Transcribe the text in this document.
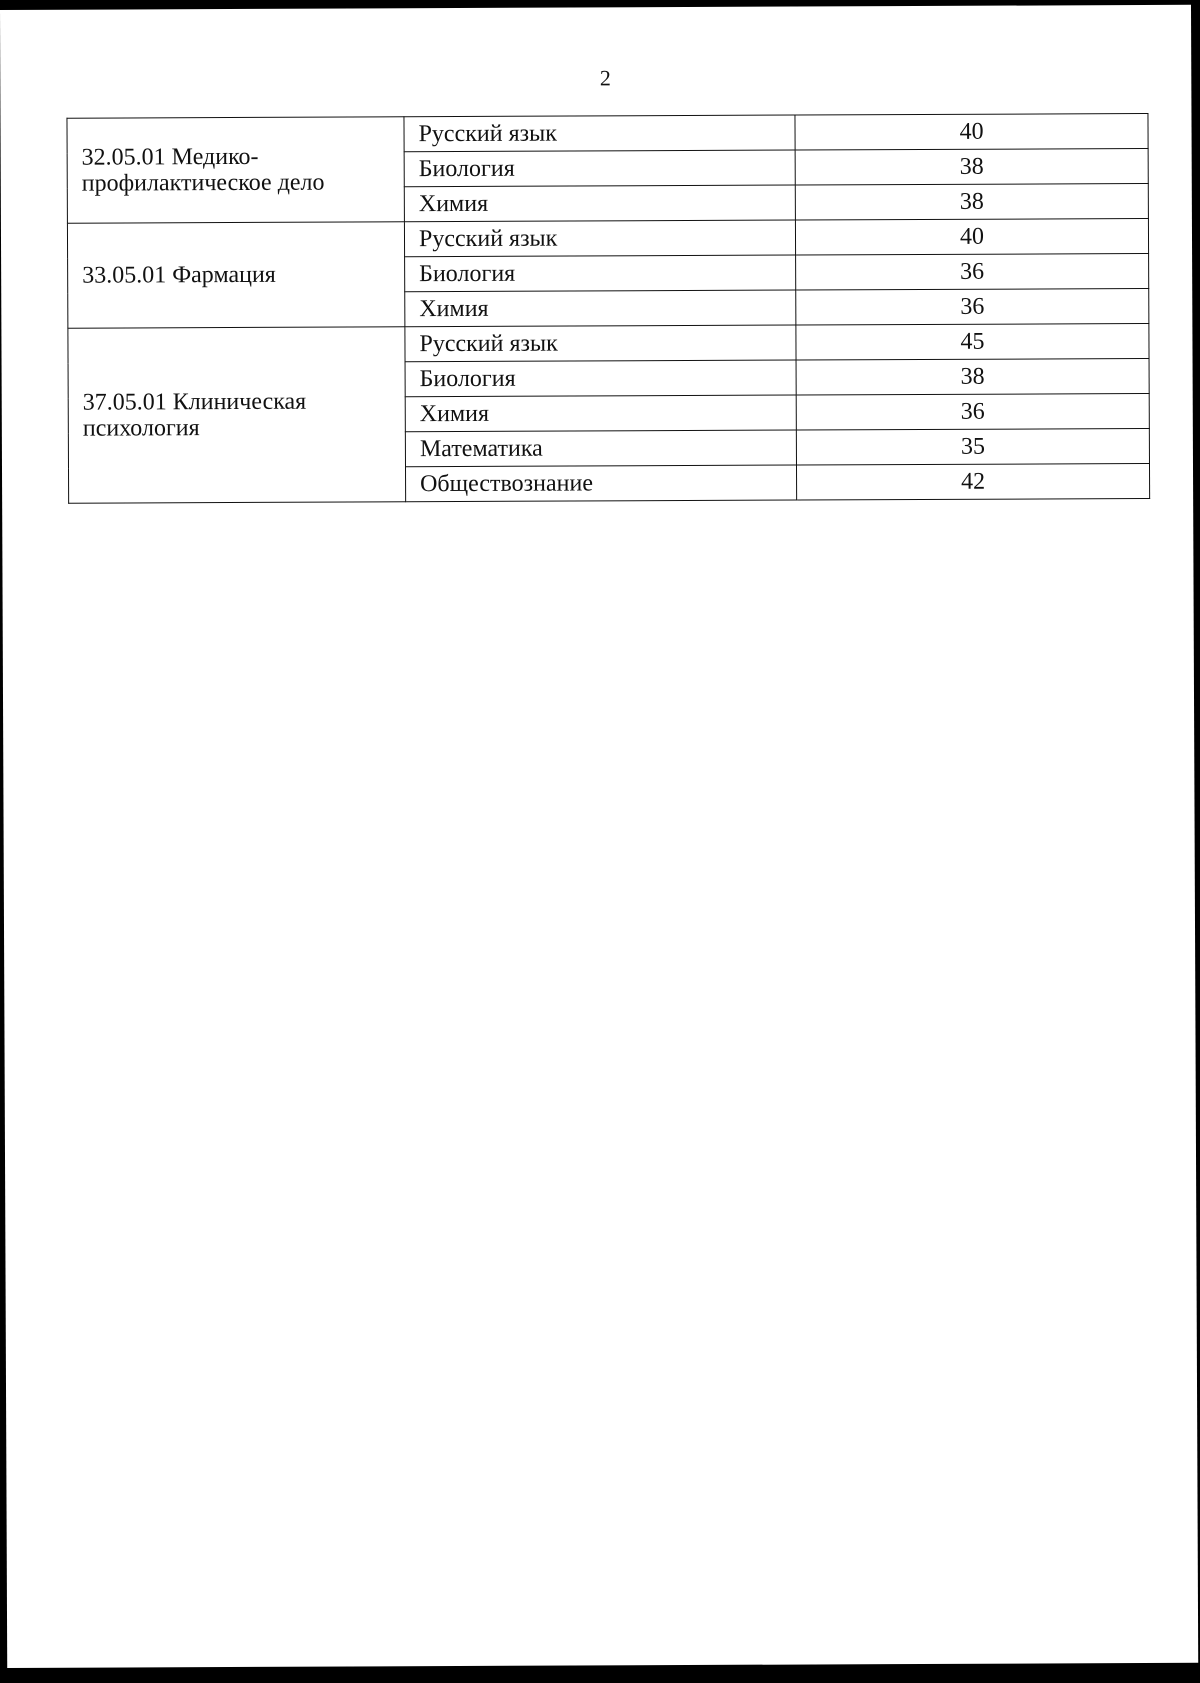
2
32.05.01 Медико-профилактическое дело	Русский язык	40
	Биология	38
	Химия	38
33.05.01 Фармация	Русский язык	40
	Биология	36
	Химия	36
37.05.01 Клиническая психология	Русский язык	45
	Биология	38
	Химия	36
	Математика	35
	Обществознание	42
